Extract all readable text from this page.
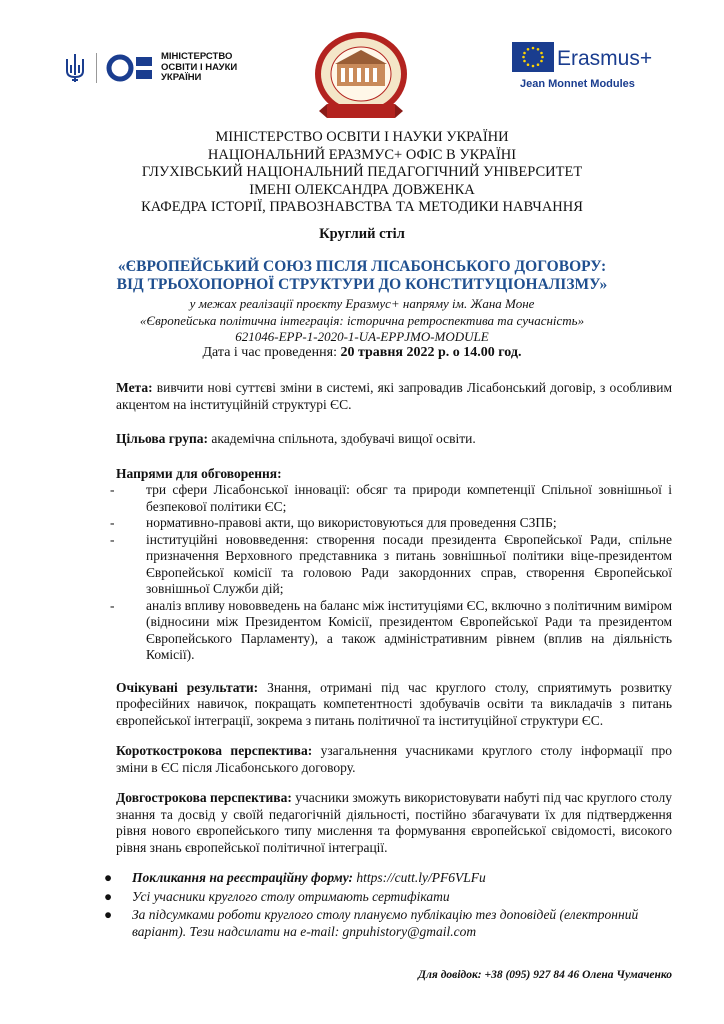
МІНІСТЕРСТВО
ОСВІТИ І НАУКИ
УКРАЇНИ
Erasmus+
Jean Monnet Modules
МІНІСТЕРСТВО ОСВІТИ І НАУКИ УКРАЇНИ
НАЦІОНАЛЬНИЙ ЕРАЗМУС+ ОФІС В УКРАЇНІ
ГЛУХІВСЬКИЙ НАЦІОНАЛЬНИЙ ПЕДАГОГІЧНИЙ УНІВЕРСИТЕТ
ІМЕНІ ОЛЕКСАНДРА ДОВЖЕНКА
КАФЕДРА ІСТОРІЇ, ПРАВОЗНАВСТВА ТА МЕТОДИКИ НАВЧАННЯ
Круглий стіл
«ЄВРОПЕЙСЬКИЙ СОЮЗ ПІСЛЯ ЛІСАБОНСЬКОГО ДОГОВОРУ:
ВІД ТРЬОХОПОРНОЇ СТРУКТУРИ ДО КОНСТИТУЦІОНАЛІЗМУ»
у межах реалізації проєкту Еразмус+ напряму ім. Жана Моне
«Європейська політична інтеграція: історична ретроспектива та сучасність»
621046-EPP-1-2020-1-UA-EPPJMO-MODULE
Дата і час проведення: 20 травня 2022 р. о 14.00 год.

Мета: вивчити нові суттєві зміни в системі, які запровадив Лісабонський договір, з особливим акцентом на інституційній структурі ЄС.

Цільова група: академічна спільнота, здобувачі вищої освіти.

Напрями для обговорення:

- три сфери Лісабонської інновації: обсяг та природи компетенції Спільної зовнішньої і безпекової політики ЄС;
- нормативно-правові акти, що використовуються для проведення СЗПБ;
- інституційні нововведення: створення посади президента Європейської Ради, спільне призначення Верховного представника з питань зовнішньої політики віце-президентом Європейської комісії та головою Ради закордонних справ, створення Європейської зовнішньої Служби дій;
- аналіз впливу нововведень на баланс між інституціями ЄС, включно з політичним виміром (відносини між Президентом Комісії, президентом Європейської Ради та президентом Європейського Парламенту), а також адміністративним рівнем (вплив на діяльність Комісії).

Очікувані результати: Знання, отримані під час круглого столу, сприятимуть розвитку професійних навичок, покращать компетентності здобувачів освіти та викладачів з питань європейської інтеграції, зокрема з питань політичної та інституційної структури ЄС.

Короткострокова перспектива: узагальнення учасниками круглого столу інформації про зміни в ЄС після Лісабонського договору.

Довгострокова перспектива: учасники зможуть використовувати набуті під час круглого столу знання та досвід у своїй педагогічній діяльності, постійно збагачувати їх для підтвердження рівня нового європейського типу мислення та формування європейської свідомості, високого рівня знань європейської політичної інтеграції.

● Покликання на реєстраційну форму: https://cutt.ly/PF6VLFu
● Усі учасники круглого столу отримають сертифікати
● За підсумками роботи круглого столу плануємо публікацію тез доповідей (електронний варіант). Тези надсилати на e-mail: gnpuhistory@gmail.com
Для довідок: +38 (095) 927 84 46 Олена Чумаченко
